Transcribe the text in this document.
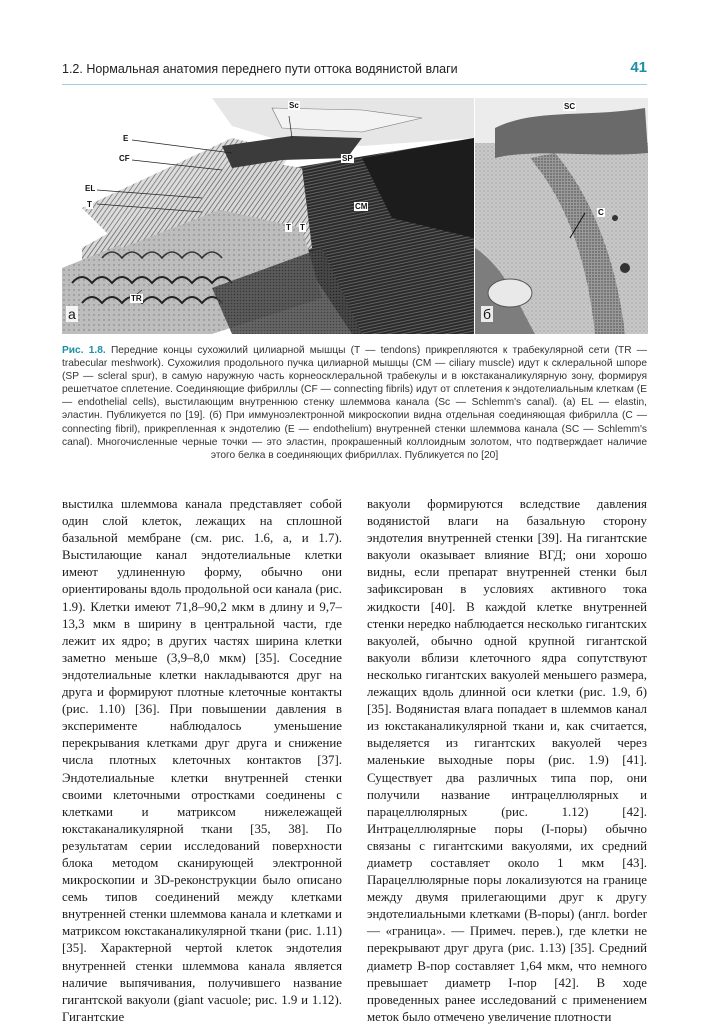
1.2. Нормальная анатомия переднего пути оттока водянистой влаги	41
Sc
E
CF	SP
EL
CM
T
T T
TR
а
SC
C
б
Рис. 1.8. Передние концы сухожилий цилиарной мышцы (T — tendons) прикрепляются к трабекулярной сети (TR — trabecular meshwork). Сухожилия продольного пучка цилиарной мышцы (CM — ciliary muscle) идут к склеральной шпоре (SP — scleral spur), в самую наружную часть корнеосклеральной трабекулы и в юкстаканаликулярную зону, формируя решетчатое сплетение. Соединяющие фибриллы (CF — connecting fibrils) идут от сплетения к эндотелиальным клеткам (E — endothelial cells), выстилающим внутреннюю стенку шлеммова канала (Sc — Schlemm's canal). (а) EL — elastin, эластин. Публикуется по [19]. (б) При иммуноэлектронной микроскопии видна отдельная соединяющая фибрилла (C — connecting fibril), прикрепленная к эндотелию (E — endothelium) внутренней стенки шлеммова канала (SC — Schlemm's canal). Многочисленные черные точки — это эластин, прокрашенный коллоидным золотом, что подтверждает наличие этого белка в соединяющих фибриллах. Публикуется по [20]

выстилка шлеммова канала представляет собой один слой клеток, лежащих на сплошной базальной мембране (см. рис. 1.6, а, и 1.7). Выстилающие канал эндотелиальные клетки имеют удлиненную форму, обычно они ориентированы вдоль продольной оси канала (рис. 1.9). Клетки имеют 71,8–90,2 мкм в длину и 9,7–13,3 мкм в ширину в центральной части, где лежит их ядро; в других частях ширина клетки заметно меньше (3,9–8,0 мкм) [35]. Соседние эндотелиальные клетки накладываются друг на друга и формируют плотные клеточные контакты (рис. 1.10) [36]. При повышении давления в эксперименте наблюдалось уменьшение перекрывания клетками друг друга и снижение числа плотных клеточных контактов [37]. Эндотелиальные клетки внутренней стенки своими клеточными отростками соединены с клетками и матриксом нижележащей юкстаканаликулярной ткани [35, 38]. По результатам серии исследований поверхности блока методом сканирующей электронной микроскопии и 3D-реконструкции было описано семь типов соединений между клетками внутренней стенки шлеммова канала и клетками и матриксом юкстаканаликулярной ткани (рис. 1.11) [35]. Характерной чертой клеток эндотелия внутренней стенки шлеммова канала является наличие выпячивания, получившего название гигантской вакуоли (giant vacuole; рис. 1.9 и 1.12). Гигантские

вакуоли формируются вследствие давления водянистой влаги на базальную сторону эндотелия внутренней стенки [39]. На гигантские вакуоли оказывает влияние ВГД; они хорошо видны, если препарат внутренней стенки был зафиксирован в условиях активного тока жидкости [40]. В каждой клетке внутренней стенки нередко наблюдается несколько гигантских вакуолей, обычно одной крупной гигантской вакуоли вблизи клеточного ядра сопутствуют несколько гигантских вакуолей меньшего размера, лежащих вдоль длинной оси клетки (рис. 1.9, б) [35]. Водянистая влага попадает в шлеммов канал из юкстаканаликулярной ткани и, как считается, выделяется из гигантских вакуолей через маленькие выходные поры (рис. 1.9) [41]. Существует два различных типа пор, они получили название интрацеллюлярных и парацеллюлярных (рис. 1.12) [42]. Интрацеллюлярные поры (I-поры) обычно связаны с гигантскими вакуолями, их средний диаметр составляет около 1 мкм [43]. Парацеллюлярные поры локализуются на границе между двумя прилегающими друг к другу эндотелиальными клетками (B-поры) (англ. border — «граница». — Примеч. перев.), где клетки не перекрывают друг друга (рис. 1.13) [35]. Средний диаметр B-пор составляет 1,64 мкм, что немного превышает диаметр I-пор [42]. В ходе проведенных ранее исследований с применением меток было отмечено увеличение плотности
